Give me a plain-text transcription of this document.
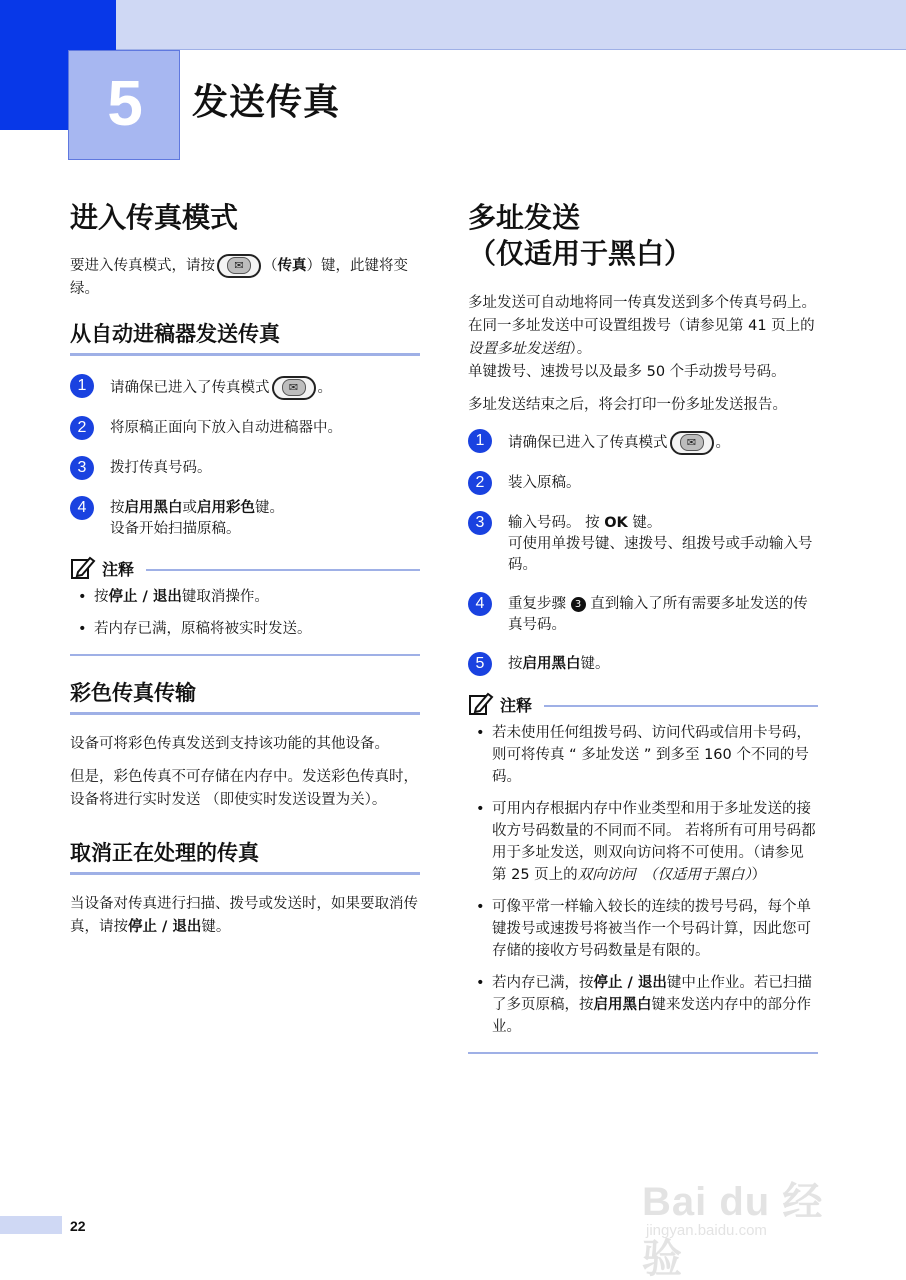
5	发送传真
进入传真模式
要进入传真模式，请按	✉	（传真）键，此键将变绿。
从自动进稿器发送传真
1	请确保已进入了传真模式	✉	。
2	将原稿正面向下放入自动进稿器中。
3	拨打传真号码。
4	按启用黑白或启用彩色键。
设备开始扫描原稿。
注释
• 按停止 / 退出键取消操作。
• 若内存已满，原稿将被实时发送。
彩色传真传输
设备可将彩色传真发送到支持该功能的其他设备。
但是，彩色传真不可存储在内存中。发送彩色传真时，设备将进行实时发送 （即使实时发送设置为关）。
取消正在处理的传真
当设备对传真进行扫描、拨号或发送时，如果要取消传真，请按停止 / 退出键。
多址发送
（仅适用于黑白）
多址发送可自动地将同一传真发送到多个传真号码上。在同一多址发送中可设置组拨号（请参见第 41 页上的设置多址发送组）。
单键拨号、速拨号以及最多 50 个手动拨号号码。
多址发送结束之后，将会打印一份多址发送报告。
1	请确保已进入了传真模式	✉	。
2	装入原稿。
3	输入号码。 按 OK 键。
可使用单拨号键、速拨号、组拨号或手动输入号码。
4	重复步骤 3 直到输入了所有需要多址发送的传真号码。
5	按启用黑白键。
注释
• 若未使用任何组拨号码、访问代码或信用卡号码，则可将传真 “ 多址发送 ” 到多至 160 个不同的号码。
• 可用内存根据内存中作业类型和用于多址发送的接收方号码数量的不同而不同。 若将所有可用号码都用于多址发送，则双向访问将不可使用。（请参见第 25 页上的双向访问　（仅适用于黑白））
• 可像平常一样输入较长的连续的拨号号码，每个单键拨号或速拨号将被当作一个号码计算，因此您可存储的接收方号码数量是有限的。
• 若内存已满，按停止 / 退出键中止作业。若已扫描了多页原稿，按启用黑白键来发送内存中的部分作业。
22
Bai du 经验
jingyan.baidu.com
